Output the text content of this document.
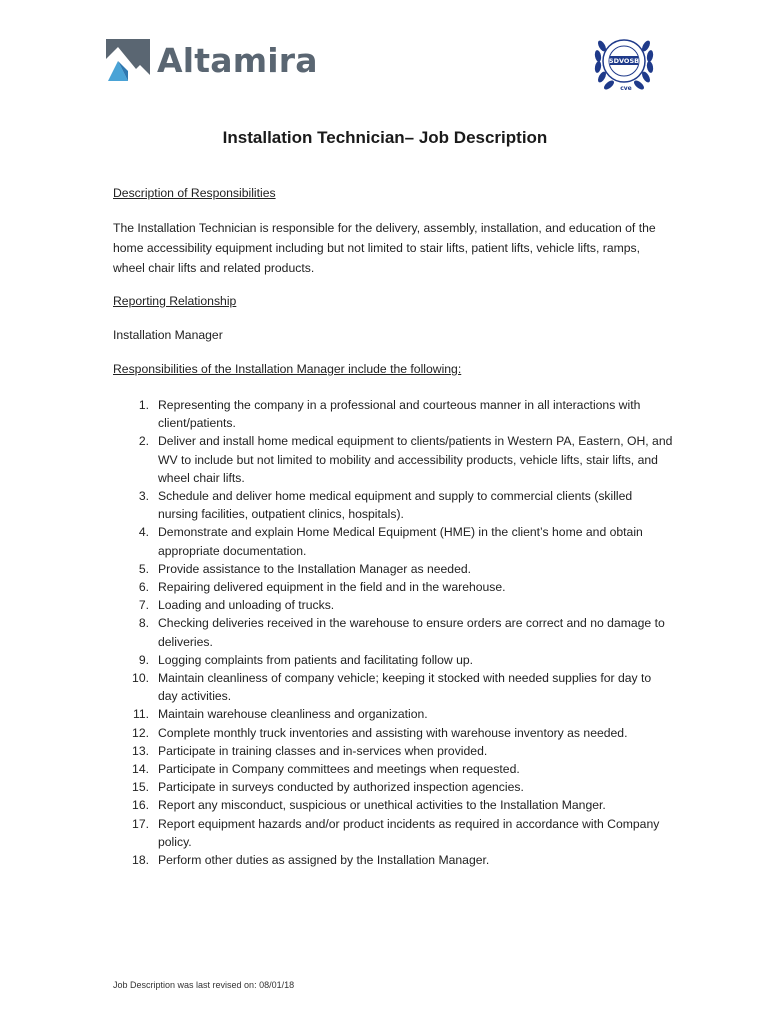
Altamira	SDVOSB
cve
Installation Technician– Job Description
Description of Responsibilities
The Installation Technician is responsible for the delivery, assembly, installation, and education of the home accessibility equipment including but not limited to stair lifts, patient lifts, vehicle lifts, ramps, wheel chair lifts and related products.
Reporting Relationship
Installation Manager
Responsibilities of the Installation Manager include the following:
1. Representing the company in a professional and courteous manner in all interactions with client/patients.
2. Deliver and install home medical equipment to clients/patients in Western PA, Eastern, OH, and WV to include but not limited to mobility and accessibility products, vehicle lifts, stair lifts, and wheel chair lifts.
3. Schedule and deliver home medical equipment and supply to commercial clients (skilled nursing facilities, outpatient clinics, hospitals).
4. Demonstrate and explain Home Medical Equipment (HME) in the client’s home and obtain appropriate documentation.
5. Provide assistance to the Installation Manager as needed.
6. Repairing delivered equipment in the field and in the warehouse.
7. Loading and unloading of trucks.
8. Checking deliveries received in the warehouse to ensure orders are correct and no damage to deliveries.
9. Logging complaints from patients and facilitating follow up.
10. Maintain cleanliness of company vehicle; keeping it stocked with needed supplies for day to day activities.
11. Maintain warehouse cleanliness and organization.
12. Complete monthly truck inventories and assisting with warehouse inventory as needed.
13. Participate in training classes and in-services when provided.
14. Participate in Company committees and meetings when requested.
15. Participate in surveys conducted by authorized inspection agencies.
16. Report any misconduct, suspicious or unethical activities to the Installation Manger.
17. Report equipment hazards and/or product incidents as required in accordance with Company policy.
18. Perform other duties as assigned by the Installation Manager.
Job Description was last revised on: 08/01/18
